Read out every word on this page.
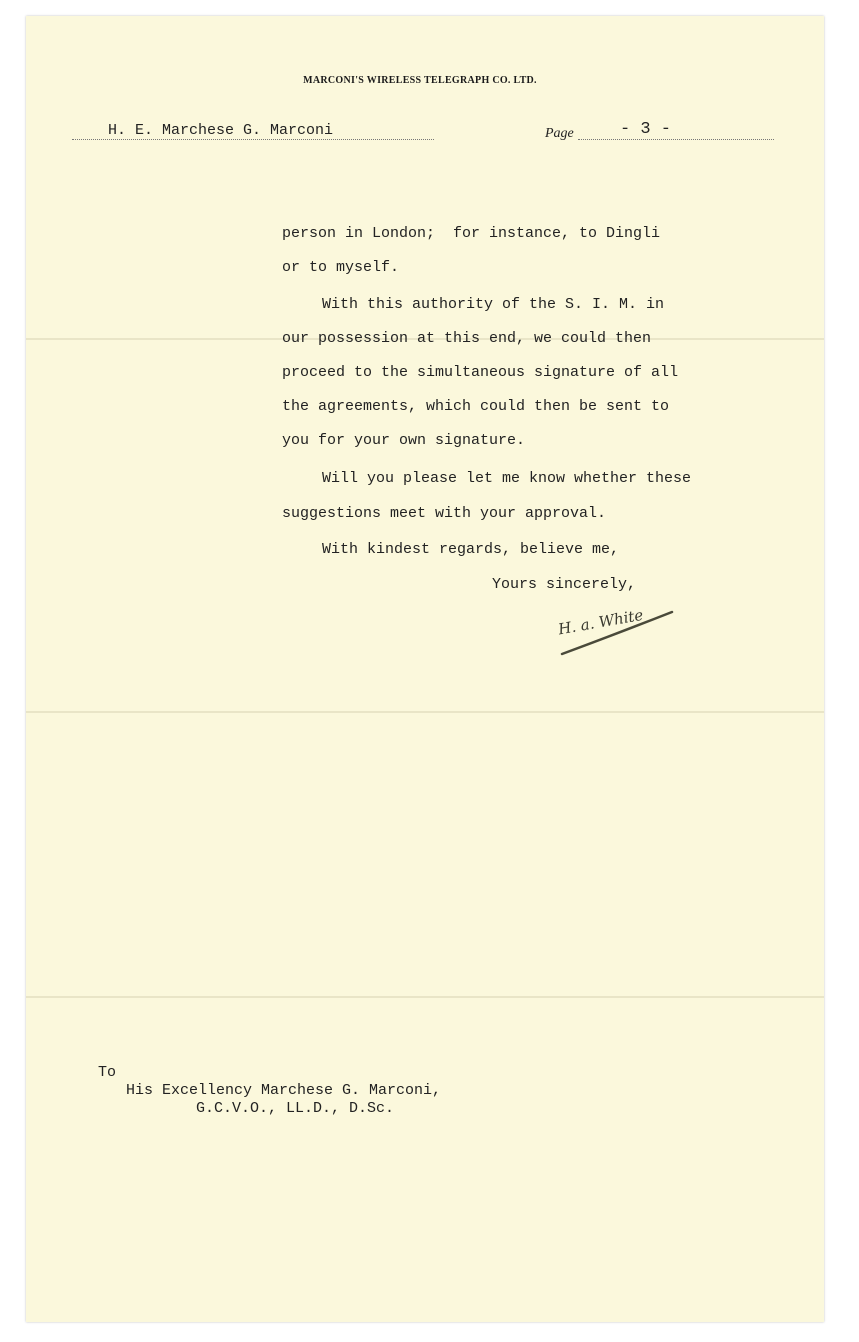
MARCONI'S WIRELESS TELEGRAPH CO. LTD.
H. E. Marchese G. Marconi	Page	- 3 -
person in London;  for instance, to Dingli
or to myself.
With this authority of the S. I. M. in
our possession at this end, we could then
proceed to the simultaneous signature of all
the agreements, which could then be sent to
you for your own signature.
Will you please let me know whether these
suggestions meet with your approval.
With kindest regards, believe me,
Yours sincerely,
H. a. White
To
His Excellency Marchese G. Marconi,
G.C.V.O., LL.D., D.Sc.
